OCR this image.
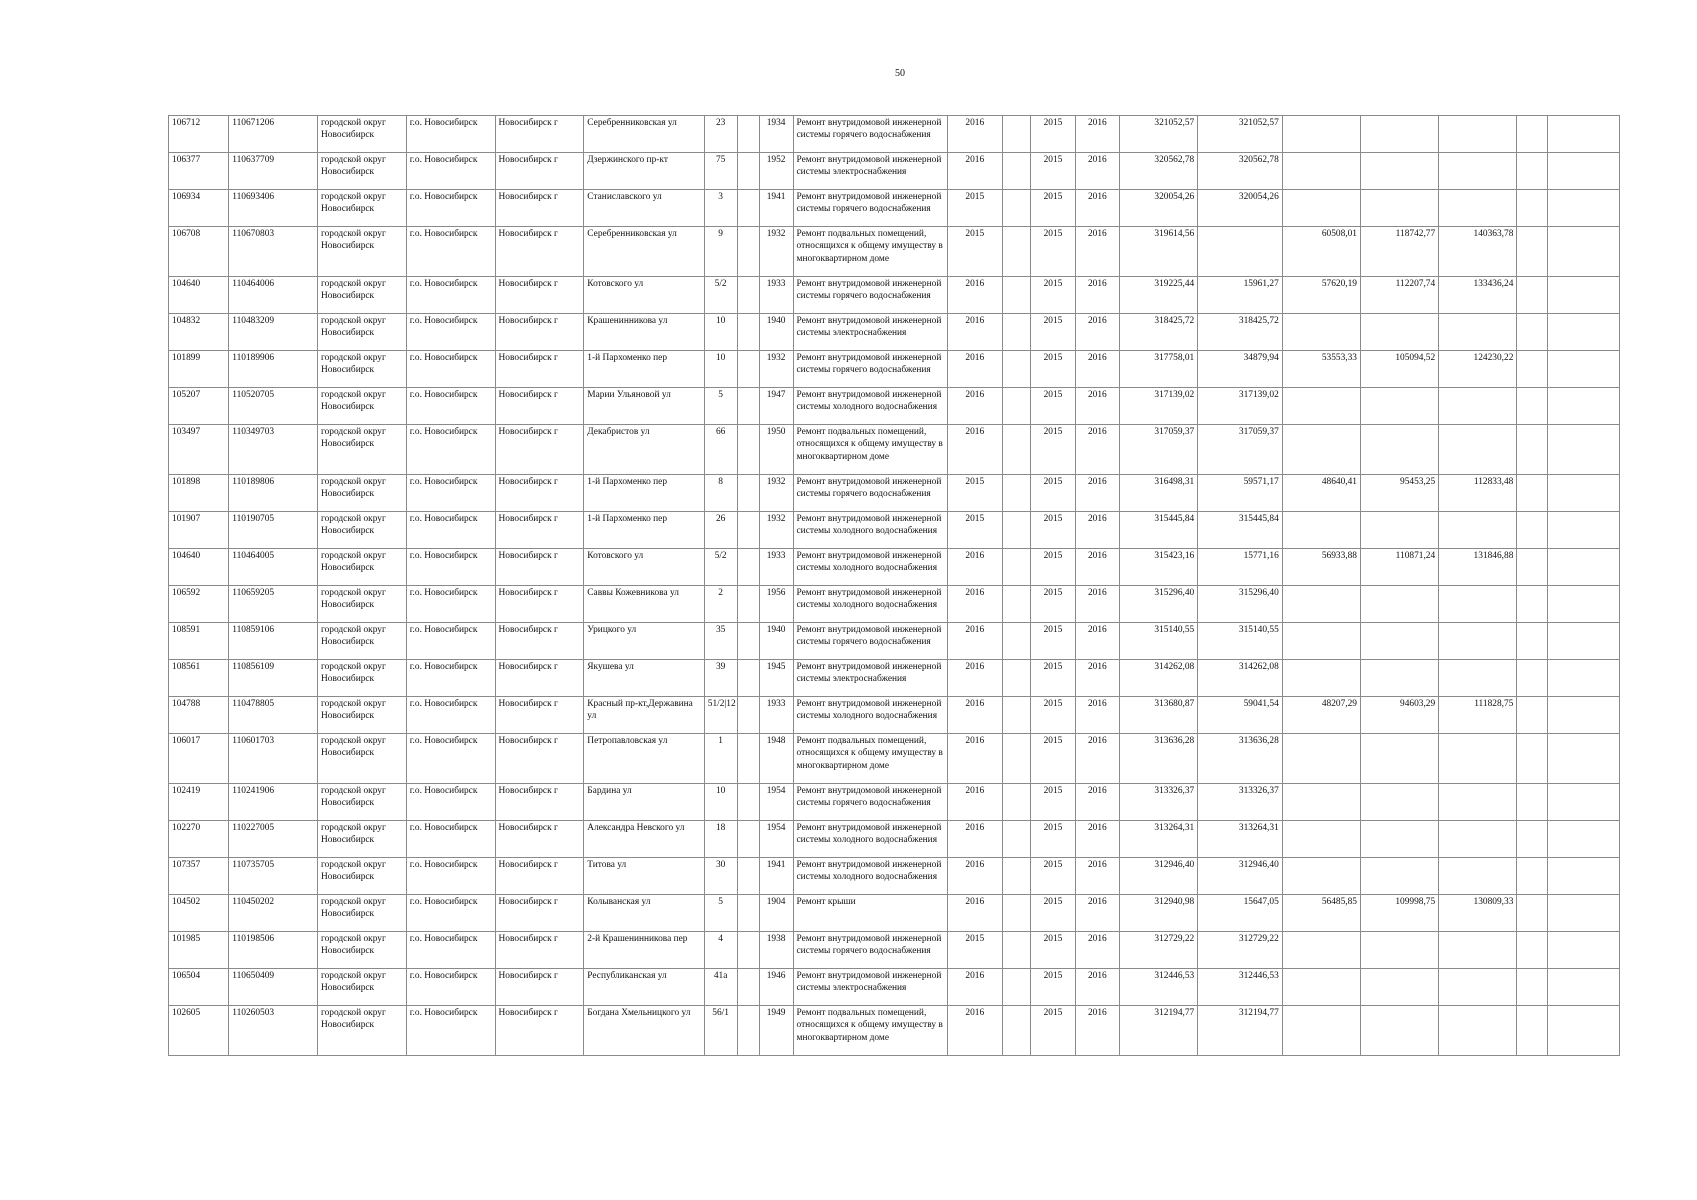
50
106712	110671206	городской округ Новосибирск	г.о. Новосибирск	Новосибирск г	Серебренниковская ул	23		1934	Ремонт внутридомовой инженерной системы горячего водоснабжения	2016		2015	2016	321052,57	321052,57					
106377	110637709	городской округ Новосибирск	г.о. Новосибирск	Новосибирск г	Дзержинского пр-кт	75		1952	Ремонт внутридомовой инженерной системы электроснабжения	2016		2015	2016	320562,78	320562,78					
106934	110693406	городской округ Новосибирск	г.о. Новосибирск	Новосибирск г	Станиславского ул	3		1941	Ремонт внутридомовой инженерной системы горячего водоснабжения	2015		2015	2016	320054,26	320054,26					
106708	110670803	городской округ Новосибирск	г.о. Новосибирск	Новосибирск г	Серебренниковская ул	9		1932	Ремонт подвальных помещений, относящихся к общему имуществу в многоквартирном доме	2015		2015	2016	319614,56		60508,01	118742,77	140363,78		
104640	110464006	городской округ Новосибирск	г.о. Новосибирск	Новосибирск г	Котовского ул	5/2		1933	Ремонт внутридомовой инженерной системы горячего водоснабжения	2016		2015	2016	319225,44	15961,27	57620,19	112207,74	133436,24		
104832	110483209	городской округ Новосибирск	г.о. Новосибирск	Новосибирск г	Крашенинникова ул	10		1940	Ремонт внутридомовой инженерной системы электроснабжения	2016		2015	2016	318425,72	318425,72					
101899	110189906	городской округ Новосибирск	г.о. Новосибирск	Новосибирск г	1-й Пархоменко пер	10		1932	Ремонт внутридомовой инженерной системы горячего водоснабжения	2016		2015	2016	317758,01	34879,94	53553,33	105094,52	124230,22		
105207	110520705	городской округ Новосибирск	г.о. Новосибирск	Новосибирск г	Марии Ульяновой ул	5		1947	Ремонт внутридомовой инженерной системы холодного водоснабжения	2016		2015	2016	317139,02	317139,02					
103497	110349703	городской округ Новосибирск	г.о. Новосибирск	Новосибирск г	Декабристов ул	66		1950	Ремонт подвальных помещений, относящихся к общему имуществу в многоквартирном доме	2016		2015	2016	317059,37	317059,37					
101898	110189806	городской округ Новосибирск	г.о. Новосибирск	Новосибирск г	1-й Пархоменко пер	8		1932	Ремонт внутридомовой инженерной системы горячего водоснабжения	2015		2015	2016	316498,31	59571,17	48640,41	95453,25	112833,48		
101907	110190705	городской округ Новосибирск	г.о. Новосибирск	Новосибирск г	1-й Пархоменко пер	26		1932	Ремонт внутридомовой инженерной системы холодного водоснабжения	2015		2015	2016	315445,84	315445,84					
104640	110464005	городской округ Новосибирск	г.о. Новосибирск	Новосибирск г	Котовского ул	5/2		1933	Ремонт внутридомовой инженерной системы холодного водоснабжения	2016		2015	2016	315423,16	15771,16	56933,88	110871,24	131846,88		
106592	110659205	городской округ Новосибирск	г.о. Новосибирск	Новосибирск г	Саввы Кожевникова ул	2		1956	Ремонт внутридомовой инженерной системы холодного водоснабжения	2016		2015	2016	315296,40	315296,40					
108591	110859106	городской округ Новосибирск	г.о. Новосибирск	Новосибирск г	Урицкого ул	35		1940	Ремонт внутридомовой инженерной системы горячего водоснабжения	2016		2015	2016	315140,55	315140,55					
108561	110856109	городской округ Новосибирск	г.о. Новосибирск	Новосибирск г	Якушева ул	39		1945	Ремонт внутридомовой инженерной системы электроснабжения	2016		2015	2016	314262,08	314262,08					
104788	110478805	городской округ Новосибирск	г.о. Новосибирск	Новосибирск г	Красный пр-кт,Державина ул	51/2|12		1933	Ремонт внутридомовой инженерной системы холодного водоснабжения	2016		2015	2016	313680,87	59041,54	48207,29	94603,29	111828,75		
106017	110601703	городской округ Новосибирск	г.о. Новосибирск	Новосибирск г	Петропавловская ул	1		1948	Ремонт подвальных помещений, относящихся к общему имуществу в многоквартирном доме	2016		2015	2016	313636,28	313636,28					
102419	110241906	городской округ Новосибирск	г.о. Новосибирск	Новосибирск г	Бардина ул	10		1954	Ремонт внутридомовой инженерной системы горячего водоснабжения	2016		2015	2016	313326,37	313326,37					
102270	110227005	городской округ Новосибирск	г.о. Новосибирск	Новосибирск г	Александра Невского ул	18		1954	Ремонт внутридомовой инженерной системы холодного водоснабжения	2016		2015	2016	313264,31	313264,31					
107357	110735705	городской округ Новосибирск	г.о. Новосибирск	Новосибирск г	Титова ул	30		1941	Ремонт внутридомовой инженерной системы холодного водоснабжения	2016		2015	2016	312946,40	312946,40					
104502	110450202	городской округ Новосибирск	г.о. Новосибирск	Новосибирск г	Колыванская ул	5		1904	Ремонт крыши	2016		2015	2016	312940,98	15647,05	56485,85	109998,75	130809,33		
101985	110198506	городской округ Новосибирск	г.о. Новосибирск	Новосибирск г	2-й Крашенинникова пер	4		1938	Ремонт внутридомовой инженерной системы горячего водоснабжения	2015		2015	2016	312729,22	312729,22					
106504	110650409	городской округ Новосибирск	г.о. Новосибирск	Новосибирск г	Республиканская ул	41а		1946	Ремонт внутридомовой инженерной системы электроснабжения	2016		2015	2016	312446,53	312446,53					
102605	110260503	городской округ Новосибирск	г.о. Новосибирск	Новосибирск г	Богдана Хмельницкого ул	56/1		1949	Ремонт подвальных помещений, относящихся к общему имуществу в многоквартирном доме	2016		2015	2016	312194,77	312194,77					
